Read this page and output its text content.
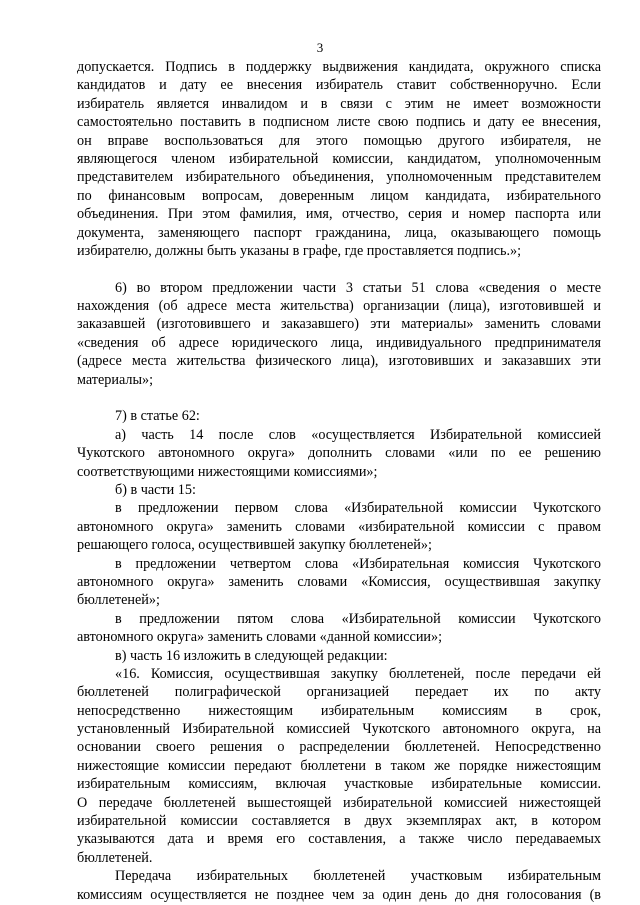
3
допускается. Подпись в поддержку выдвижения кандидата, окружного списка
кандидатов и дату ее внесения избиратель ставит собственноручно. Если
избиратель является инвалидом и в связи с этим не имеет возможности
самостоятельно поставить в подписном листе свою подпись и дату ее внесения,
он вправе воспользоваться для этого помощью другого избирателя, не
являющегося членом избирательной комиссии, кандидатом, уполномоченным
представителем избирательного объединения, уполномоченным представителем
по финансовым вопросам, доверенным лицом кандидата, избирательного
объединения. При этом фамилия, имя, отчество, серия и номер паспорта или
документа, заменяющего паспорт гражданина, лица, оказывающего помощь
избирателю, должны быть указаны в графе, где проставляется подпись.»;
6) во втором предложении части 3 статьи 51 слова «сведения о месте
нахождения (об адресе места жительства) организации (лица), изготовившей и
заказавшей (изготовившего и заказавшего) эти материалы» заменить словами
«сведения об адресе юридического лица, индивидуального предпринимателя
(адресе места жительства физического лица), изготовивших и заказавших эти
материалы»;
7) в статье 62:
а) часть 14 после слов «осуществляется Избирательной комиссией
Чукотского автономного округа» дополнить словами «или по ее решению
соответствующими нижестоящими комиссиями»;
б) в части 15:
в предложении первом слова «Избирательной комиссии Чукотского
автономного округа» заменить словами «избирательной комиссии с правом
решающего голоса, осуществившей закупку бюллетеней»;
в предложении четвертом слова «Избирательная комиссия Чукотского
автономного округа» заменить словами «Комиссия, осуществившая закупку
бюллетеней»;
в предложении пятом слова «Избирательной комиссии Чукотского
автономного округа» заменить словами «данной комиссии»;
в) часть 16 изложить в следующей редакции:
«16. Комиссия, осуществившая закупку бюллетеней, после передачи ей
бюллетеней полиграфической организацией передает их по акту
непосредственно нижестоящим избирательным комиссиям в срок,
установленный Избирательной комиссией Чукотского автономного округа, на
основании своего решения о распределении бюллетеней. Непосредственно
нижестоящие комиссии передают бюллетени в таком же порядке нижестоящим
избирательным комиссиям, включая участковые избирательные комиссии.
О передаче бюллетеней вышестоящей избирательной комиссией нижестоящей
избирательной комиссии составляется в двух экземплярах акт, в котором
указываются дата и время его составления, а также число передаваемых
бюллетеней.
Передача избирательных бюллетеней участковым избирательным
комиссиям осуществляется не позднее чем за один день до дня голосования (в
